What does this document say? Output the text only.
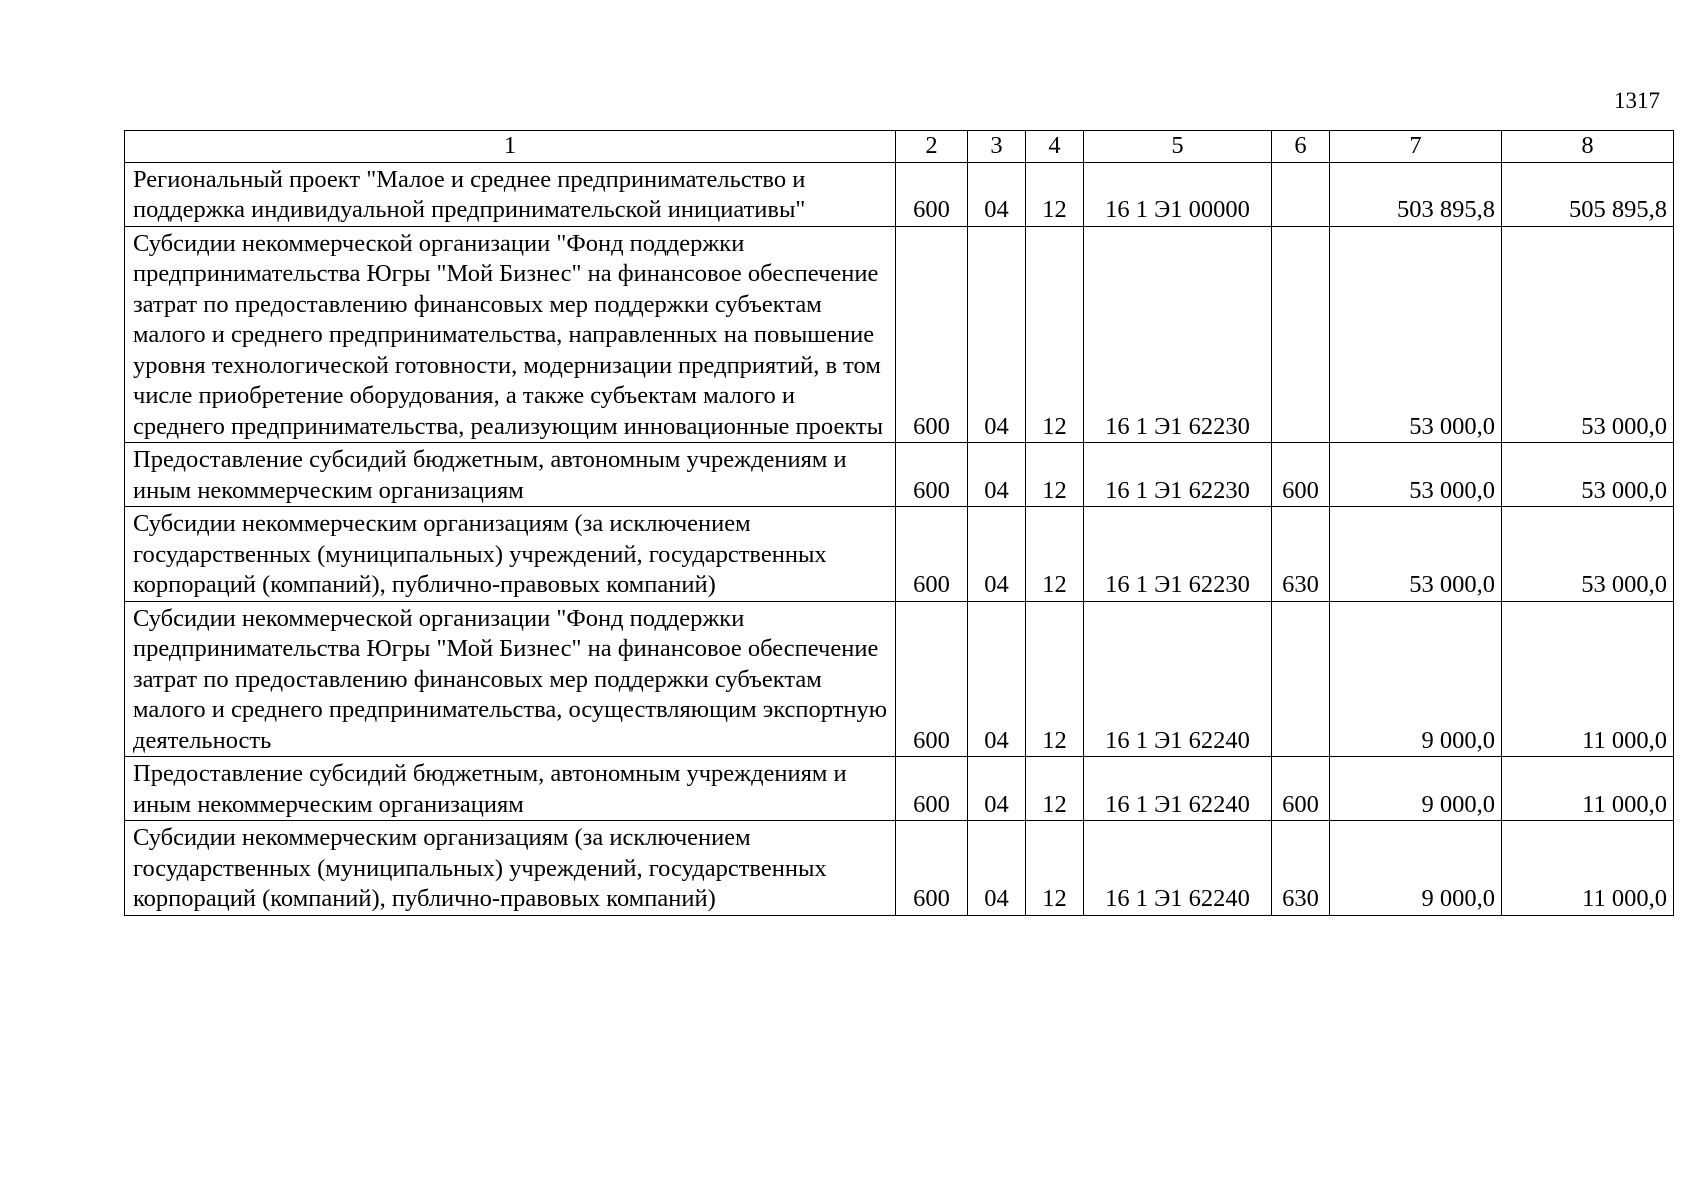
1317
1	2	3	4	5	6	7	8
Региональный проект "Малое и среднее предпринимательство и поддержка индивидуальной предпринимательской инициативы"	600	04	12	16 1 Э1 00000		503 895,8	505 895,8
Субсидии некоммерческой организации "Фонд поддержки предпринимательства Югры "Мой Бизнес" на финансовое обеспечение затрат по предоставлению финансовых мер поддержки субъектам малого и среднего предпринимательства, направленных на повышение уровня технологической готовности, модернизации предприятий, в том числе приобретение оборудования, а также субъектам малого и среднего предпринимательства, реализующим инновационные проекты	600	04	12	16 1 Э1 62230		53 000,0	53 000,0
Предоставление субсидий бюджетным, автономным учреждениям и иным некоммерческим организациям	600	04	12	16 1 Э1 62230	600	53 000,0	53 000,0
Субсидии некоммерческим организациям (за исключением государственных (муниципальных) учреждений, государственных корпораций (компаний), публично-правовых компаний)	600	04	12	16 1 Э1 62230	630	53 000,0	53 000,0
Субсидии некоммерческой организации "Фонд поддержки предпринимательства Югры "Мой Бизнес" на финансовое обеспечение затрат по предоставлению финансовых мер поддержки субъектам малого и среднего предпринимательства, осуществляющим экспортную деятельность	600	04	12	16 1 Э1 62240		9 000,0	11 000,0
Предоставление субсидий бюджетным, автономным учреждениям и иным некоммерческим организациям	600	04	12	16 1 Э1 62240	600	9 000,0	11 000,0
Субсидии некоммерческим организациям (за исключением государственных (муниципальных) учреждений, государственных корпораций (компаний), публично-правовых компаний)	600	04	12	16 1 Э1 62240	630	9 000,0	11 000,0
